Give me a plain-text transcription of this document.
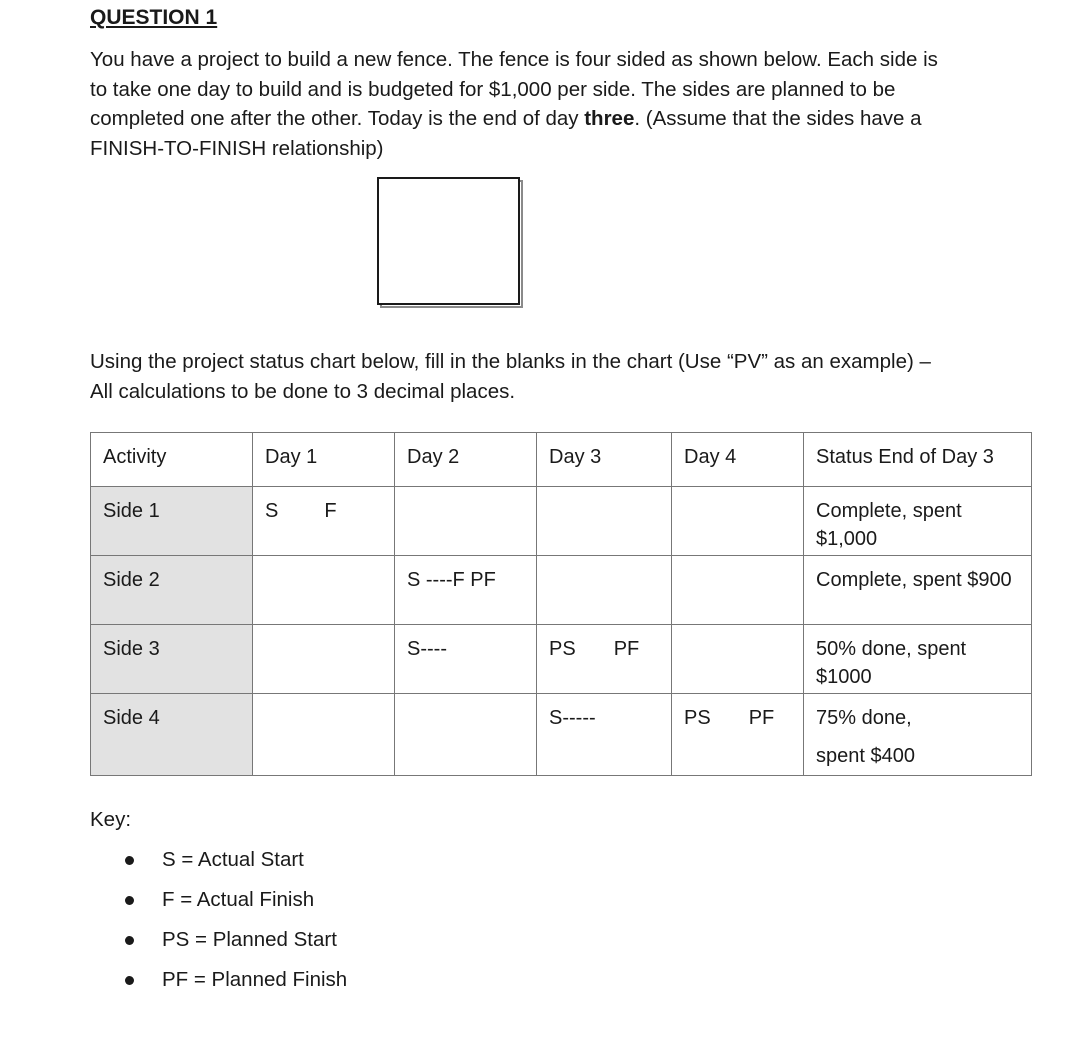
QUESTION 1
You have a project to build a new fence. The fence is four sided as shown below. Each side is to take one day to build and is budgeted for $1,000 per side. The sides are planned to be completed one after the other. Today is the end of day three. (Assume that the sides have a FINISH-TO-FINISH relationship)
Using the project status chart below, fill in the blanks in the chart (Use “PV” as an example) – All calculations to be done to 3 decimal places.
Activity	Day 1	Day 2	Day 3	Day 4	Status End of Day 3
Side 1	S F				Complete, spent $1,000
Side 2		S ----F PF			Complete, spent $900
Side 3		S----	PS PF		50% done, spent $1000
Side 4			S-----	PS PF	75% done,
spent $400
Key:
S = Actual Start
F = Actual Finish
PS = Planned Start
PF = Planned Finish
